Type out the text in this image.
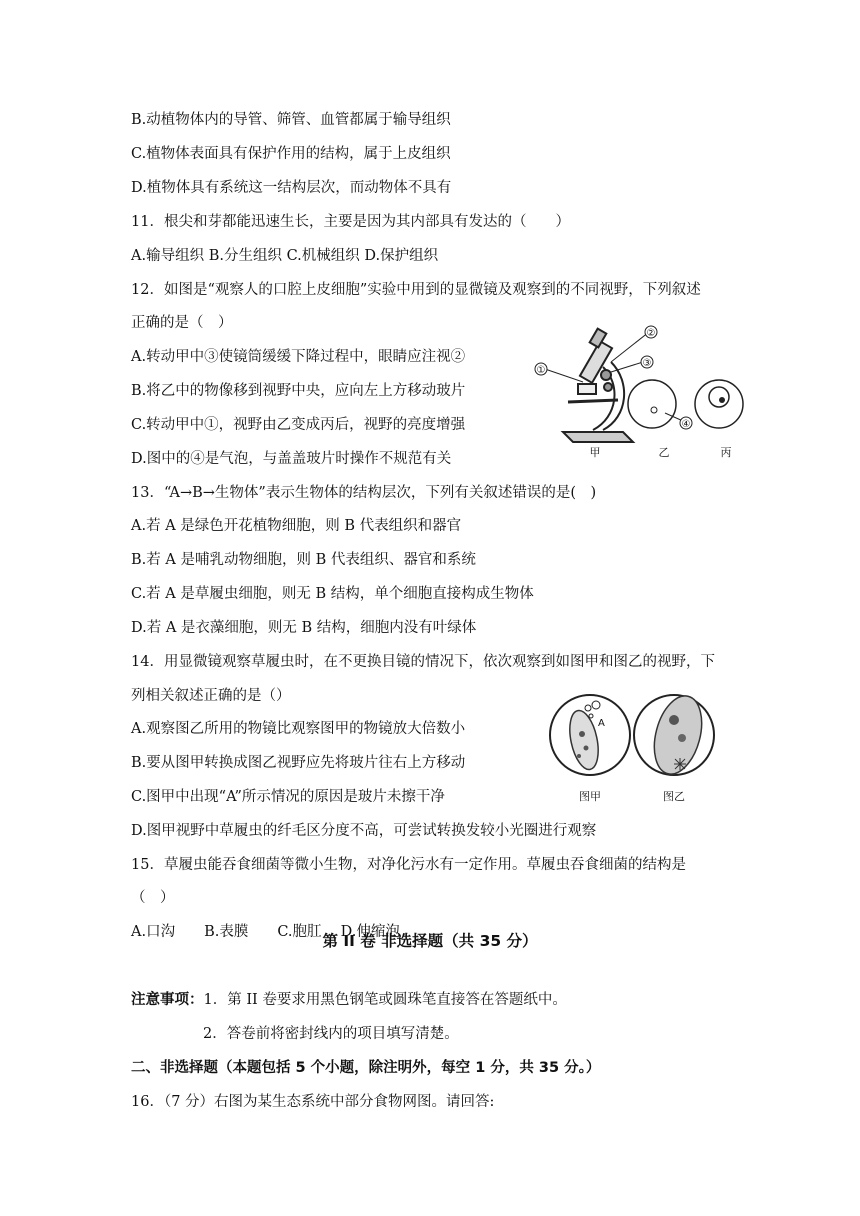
B.动植物体内的导管、筛管、血管都属于输导组织
C.植物体表面具有保护作用的结构，属于上皮组织
D.植物体具有系统这一结构层次，而动物体不具有
11．根尖和芽都能迅速生长，主要是因为其内部具有发达的（　　）
A.输导组织 B.分生组织 C.机械组织 D.保护组织
12．如图是“观察人的口腔上皮细胞”实验中用到的显微镜及观察到的不同视野，下列叙述
正确的是（　）
A.转动甲中③使镜筒缓缓下降过程中，眼睛应注视②
B.将乙中的物像移到视野中央，应向左上方移动玻片
C.转动甲中①，视野由乙变成丙后，视野的亮度增强
D.图中的④是气泡，与盖盖玻片时操作不规范有关
①
②
③
④
甲	乙	丙
13．“A→B→生物体”表示生物体的结构层次，下列有关叙述错误的是(　)
A.若 A 是绿色开花植物细胞，则 B 代表组织和器官
B.若 A 是哺乳动物细胞，则 B 代表组织、器官和系统
C.若 A 是草履虫细胞，则无 B 结构，单个细胞直接构成生物体
D.若 A 是衣藻细胞，则无 B 结构，细胞内没有叶绿体
14．用显微镜观察草履虫时，在不更换目镜的情况下，依次观察到如图甲和图乙的视野，下
列相关叙述正确的是（）
A.观察图乙所用的物镜比观察图甲的物镜放大倍数小
B.要从图甲转换成图乙视野应先将玻片往右上方移动
C.图甲中出现“A”所示情况的原因是玻片未擦干净
D.图甲视野中草履虫的纤毛区分度不高，可尝试转换发较小光圈进行观察
A
图甲	图乙
15．草履虫能吞食细菌等微小生物，对净化污水有一定作用。草履虫吞食细菌的结构是
（　）
A.口沟　　B.表膜　　C.胞肛　 D.伸缩泡
第 II 卷 非选择题（共 35 分）
注意事项：1．第 II 卷要求用黑色钢笔或圆珠笔直接答在答题纸中。
2．答卷前将密封线内的项目填写清楚。
二、非选择题（本题包括 5 个小题，除注明外，每空 1 分，共 35 分。）
16．（7 分）右图为某生态系统中部分食物网图。请回答:
